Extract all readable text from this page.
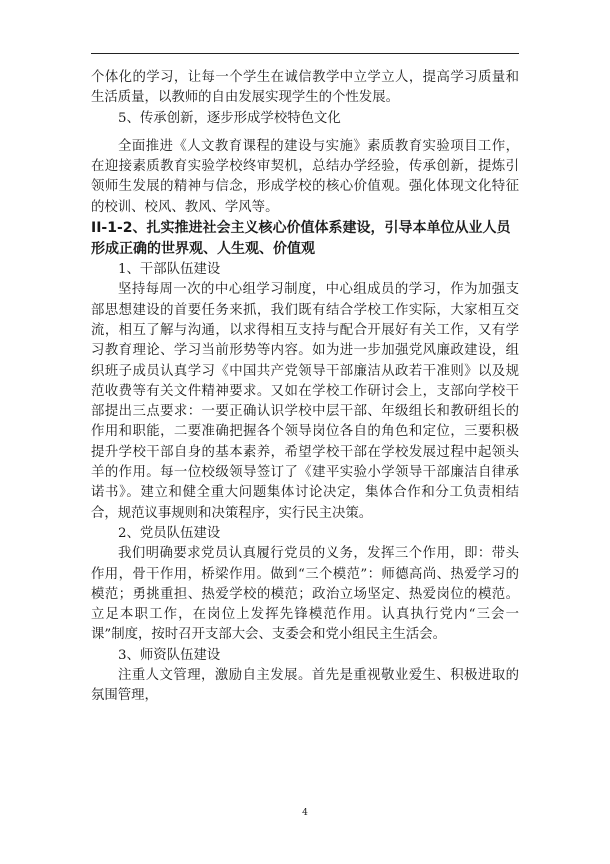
个体化的学习，让每一个学生在诚信教学中立学立人，提高学习质量和生活质量，以教师的自由发展实现学生的个性发展。

5、传承创新，逐步形成学校特色文化

全面推进《人文教育课程的建设与实施》素质教育实验项目工作，在迎接素质教育实验学校终审契机，总结办学经验，传承创新，提炼引领师生发展的精神与信念，形成学校的核心价值观。强化体现文化特征的校训、校风、教风、学风等。

II-1-2、扎实推进社会主义核心价值体系建设，引导本单位从业人员形成正确的世界观、人生观、价值观

1、干部队伍建设

坚持每周一次的中心组学习制度，中心组成员的学习，作为加强支部思想建设的首要任务来抓，我们既有结合学校工作实际，大家相互交流，相互了解与沟通，以求得相互支持与配合开展好有关工作，又有学习教育理论、学习当前形势等内容。如为进一步加强党风廉政建设，组织班子成员认真学习《中国共产党领导干部廉洁从政若干准则》以及规范收费等有关文件精神要求。又如在学校工作研讨会上，支部向学校干部提出三点要求：一要正确认识学校中层干部、年级组长和教研组长的作用和职能，二要准确把握各个领导岗位各自的角色和定位，三要积极提升学校干部自身的基本素养，希望学校干部在学校发展过程中起领头羊的作用。每一位校级领导签订了《建平实验小学领导干部廉洁自律承诺书》。建立和健全重大问题集体讨论决定，集体合作和分工负责相结合，规范议事规则和决策程序，实行民主决策。

2、党员队伍建设

我们明确要求党员认真履行党员的义务，发挥三个作用，即：带头作用，骨干作用，桥梁作用。做到“三个模范”：师德高尚、热爱学习的模范；勇挑重担、热爱学校的模范；政治立场坚定、热爱岗位的模范。立足本职工作，在岗位上发挥先锋模范作用。认真执行党内“三会一课”制度，按时召开支部大会、支委会和党小组民主生活会。

3、师资队伍建设

注重人文管理，激励自主发展。首先是重视敬业爱生、积极进取的氛围管理，

4
